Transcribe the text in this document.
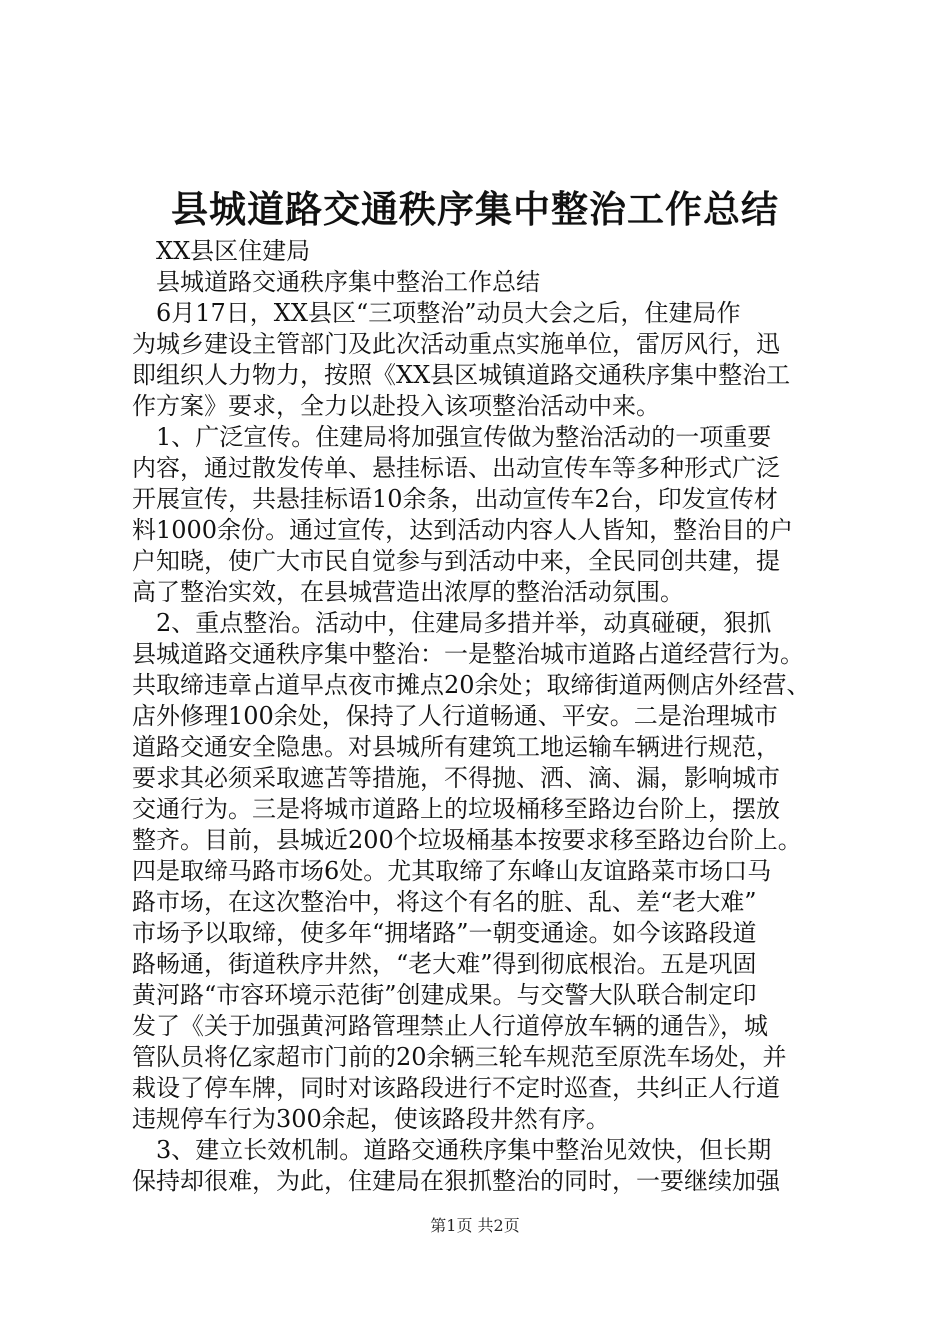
县城道路交通秩序集中整治工作总结
　XX县区住建局
　县城道路交通秩序集中整治工作总结
　6月17日，XX县区“三项整治”动员大会之后，住建局作
为城乡建设主管部门及此次活动重点实施单位，雷厉风行，迅
即组织人力物力，按照《XX县区城镇道路交通秩序集中整治工
作方案》要求，全力以赴投入该项整治活动中来。
　1、广泛宣传。住建局将加强宣传做为整治活动的一项重要
内容，通过散发传单、悬挂标语、出动宣传车等多种形式广泛
开展宣传，共悬挂标语10余条，出动宣传车2台，印发宣传材
料1000余份。通过宣传，达到活动内容人人皆知，整治目的户
户知晓，使广大市民自觉参与到活动中来，全民同创共建，提
高了整治实效，在县城营造出浓厚的整治活动氛围。
　2、重点整治。活动中，住建局多措并举，动真碰硬，狠抓
县城道路交通秩序集中整治：一是整治城市道路占道经营行为。
共取缔违章占道早点夜市摊点20余处；取缔街道两侧店外经营、
店外修理100余处，保持了人行道畅通、平安。二是治理城市
道路交通安全隐患。对县城所有建筑工地运输车辆进行规范，
要求其必须采取遮苫等措施，不得抛、洒、滴、漏，影响城市
交通行为。三是将城市道路上的垃圾桶移至路边台阶上，摆放
整齐。目前，县城近200个垃圾桶基本按要求移至路边台阶上。
四是取缔马路市场6处。尤其取缔了东峰山友谊路菜市场口马
路市场，在这次整治中，将这个有名的脏、乱、差“老大难”
市场予以取缔，使多年“拥堵路”一朝变通途。如今该路段道
路畅通，街道秩序井然，“老大难”得到彻底根治。五是巩固
黄河路“市容环境示范街”创建成果。与交警大队联合制定印
发了《关于加强黄河路管理禁止人行道停放车辆的通告》，城
管队员将亿家超市门前的20余辆三轮车规范至原洗车场处，并
栽设了停车牌，同时对该路段进行不定时巡查，共纠正人行道
违规停车行为300余起，使该路段井然有序。
　3、建立长效机制。道路交通秩序集中整治见效快，但长期
保持却很难，为此，住建局在狠抓整治的同时，一要继续加强
第1页 共2页
